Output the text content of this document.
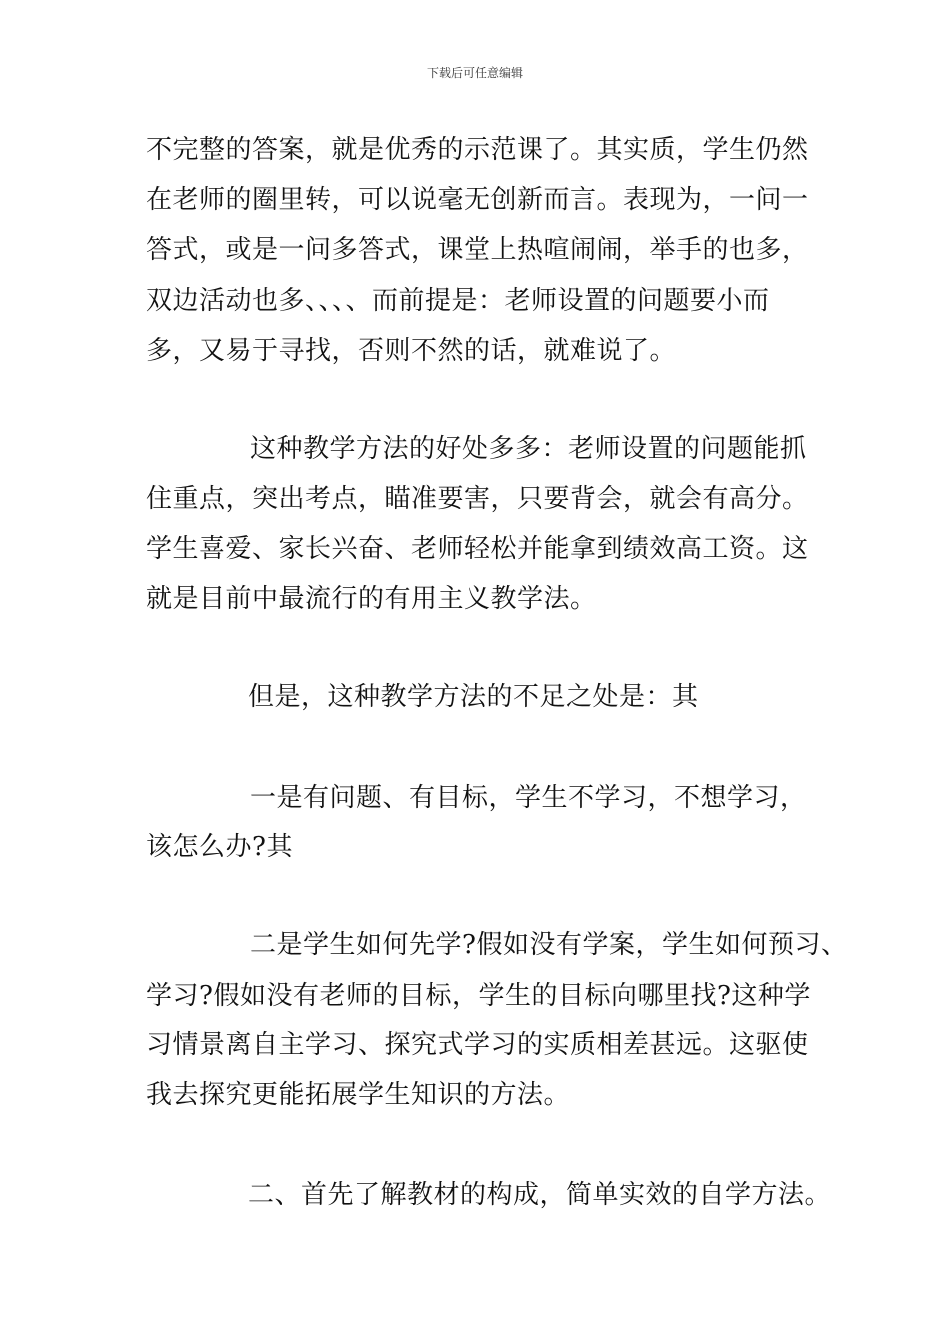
下载后可任意编辑
不完整的答案，就是优秀的示范课了。其实质，学生仍然
在老师的圈里转，可以说毫无创新而言。表现为，一问一
答式，或是一问多答式，课堂上热喧闹闹，举手的也多，
双边活动也多、、、、而前提是：老师设置的问题要小而
多，又易于寻找，否则不然的话，就难说了。
这种教学方法的好处多多：老师设置的问题能抓
住重点，突出考点，瞄准要害，只要背会，就会有高分。
学生喜爱、家长兴奋、老师轻松并能拿到绩效高工资。这
就是目前中最流行的有用主义教学法。
但是，这种教学方法的不足之处是：其
一是有问题、有目标，学生不学习，不想学习，
该怎么办?其
二是学生如何先学?假如没有学案，学生如何预习、
学习?假如没有老师的目标，学生的目标向哪里找?这种学
习情景离自主学习、探究式学习的实质相差甚远。这驱使
我去探究更能拓展学生知识的方法。
二、首先了解教材的构成，简单实效的自学方法。
